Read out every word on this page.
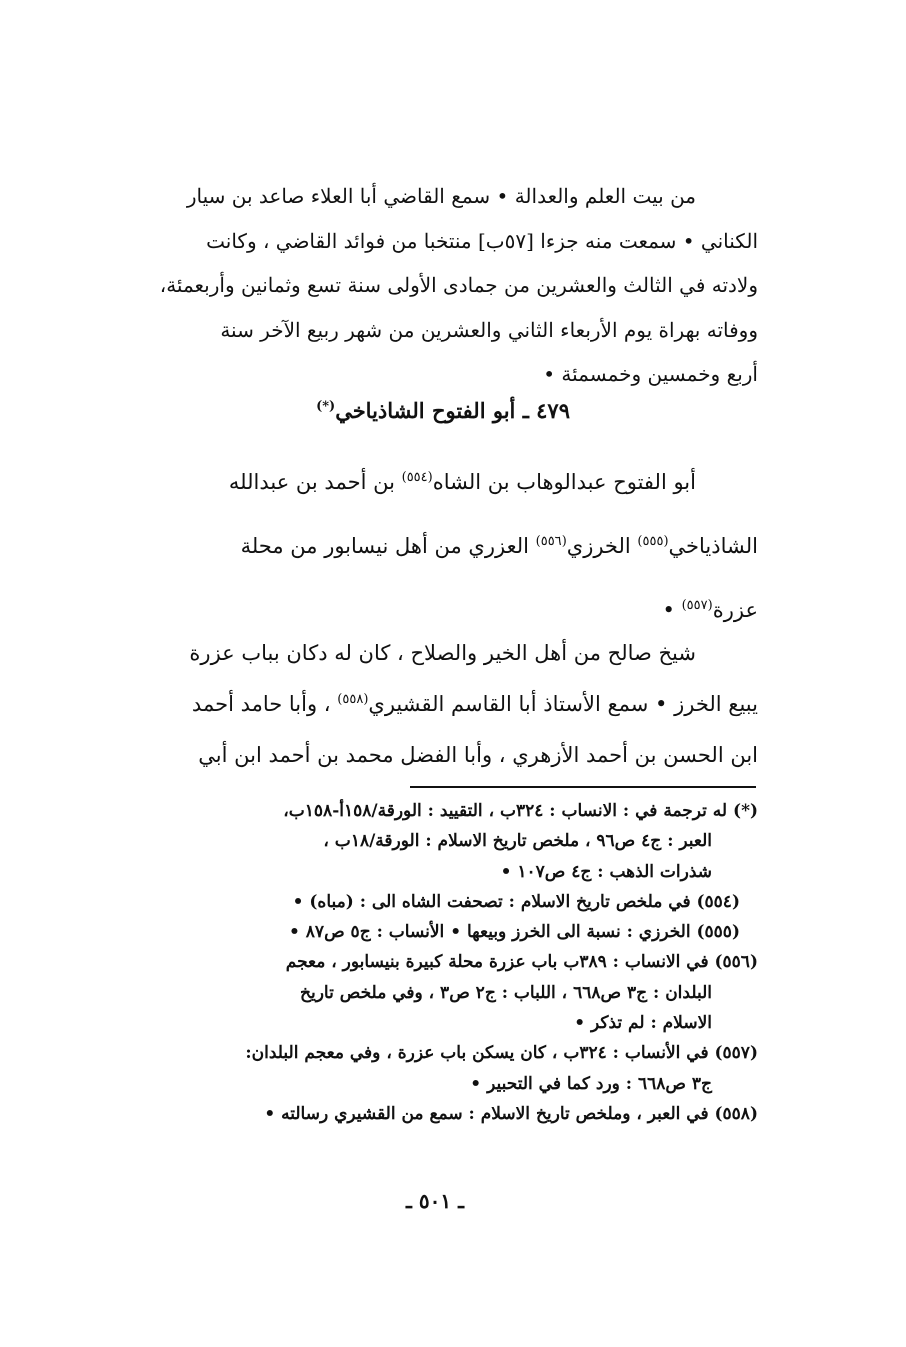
من بيت العلم والعدالة • سمع القاضي أبا العلاء صاعد بن سيار
الكناني • سمعت منه جزءا [٥٧ب] منتخبا من فوائد القاضي ، وكانت
ولادته في الثالث والعشرين من جمادى الأولى سنة تسع وثمانين وأربعمئة،
ووفاته بهراة يوم الأربعاء الثاني والعشرين من شهر ربيع الآخر سنة
أربع وخمسين وخمسمئة •
٤٧٩ ـ أبو الفتوح الشاذياخي(*)
أبو الفتوح عبدالوهاب بن الشاه$^{(٥٥٤)}$ بن أحمد بن عبدالله
الشاذياخي$^{(٥٥٥)}$ الخرزي$^{(٥٥٦)}$ العزري من أهل نيسابور من محلة
عزرة$^{(٥٥٧)}$ •
شيخ صالح من أهل الخير والصلاح ، كان له دكان بباب عزرة
يبيع الخرز • سمع الأستاذ أبا القاسم القشيري$^{(٥٥٨)}$ ، وأبا حامد أحمد
ابن الحسن بن أحمد الأزهري ، وأبا الفضل محمد بن أحمد ابن أبي
(*) له ترجمة في : الانساب : ٣٢٤ب ، التقييد : الورقة/١٥٨أ-١٥٨ب،
العبر : ج٤ ص٩٦ ، ملخص تاريخ الاسلام : الورقة/١٨ب ،
شذرات الذهب : ج٤ ص١٠٧ •
(٥٥٤) في ملخص تاريخ الاسلام : تصحفت الشاه الى : (مباه) •
(٥٥٥) الخرزي : نسبة الى الخرز وبيعها • الأنساب : ج٥ ص٨٧ •
(٥٥٦) في الانساب : ٣٨٩ب باب عزرة محلة كبيرة بنيسابور ، معجم
البلدان : ج٣ ص٦٦٨ ، اللباب : ج٢ ص٣ ، وفي ملخص تاريخ
الاسلام : لم تذكر •
(٥٥٧) في الأنساب : ٣٢٤ب ، كان يسكن باب عزرة ، وفي معجم البلدان:
ج٣ ص٦٦٨ : ورد كما في التحبير •
(٥٥٨) في العبر ، وملخص تاريخ الاسلام : سمع من القشيري رسالته •
ـ ٥٠١ ـ
